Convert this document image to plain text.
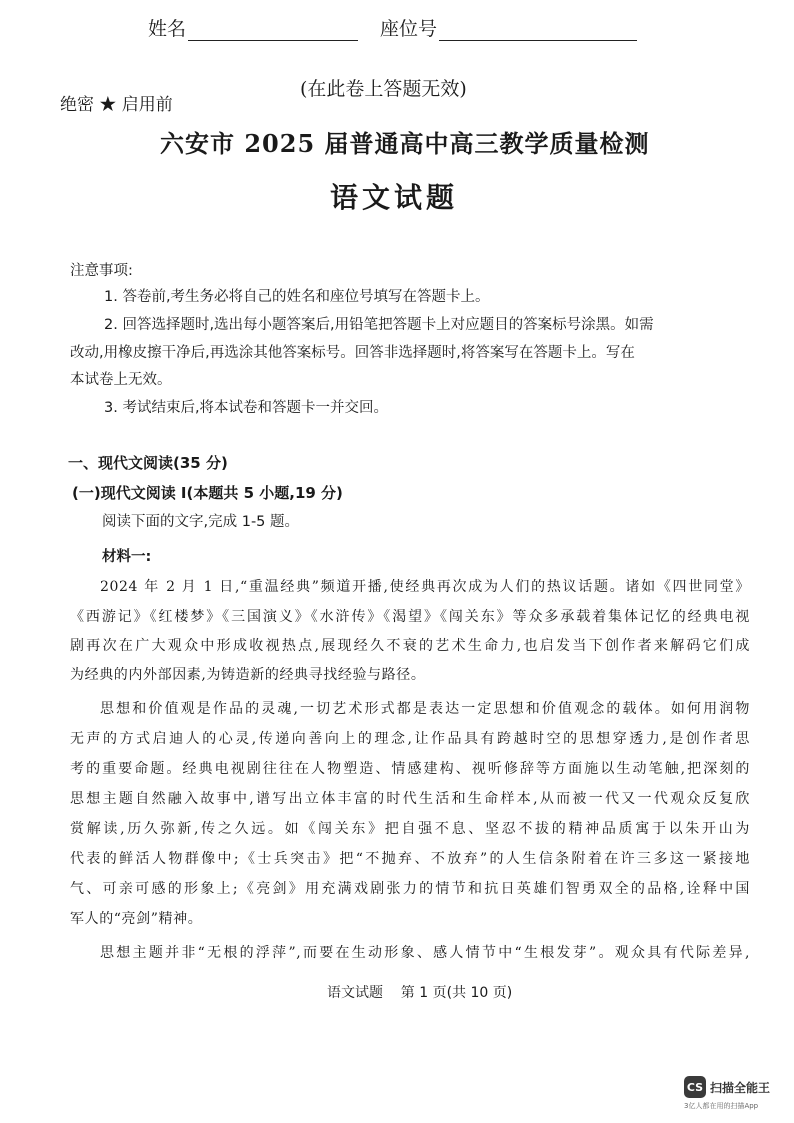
姓名	座位号
(在此卷上答题无效)
绝密 ★ 启用前
六安市 2025 届普通高中高三教学质量检测
语文试题
注意事项:
1. 答卷前,考生务必将自己的姓名和座位号填写在答题卡上。
2. 回答选择题时,选出每小题答案后,用铅笔把答题卡上对应题目的答案标号涂黑。如需
改动,用橡皮擦干净后,再选涂其他答案标号。回答非选择题时,将答案写在答题卡上。写在
本试卷上无效。
3. 考试结束后,将本试卷和答题卡一并交回。
一、现代文阅读(35 分)
(一)现代文阅读 I(本题共 5 小题,19 分)
阅读下面的文字,完成 1-5 题。
材料一:
2024 年 2 月 1 日,“重温经典”频道开播,使经典再次成为人们的热议话题。诸如《四世同堂》
《西游记》《红楼梦》《三国演义》《水浒传》《渴望》《闯关东》等众多承载着集体记忆的经典电视
剧再次在广大观众中形成收视热点,展现经久不衰的艺术生命力,也启发当下创作者来解码它们成
为经典的内外部因素,为铸造新的经典寻找经验与路径。
思想和价值观是作品的灵魂,一切艺术形式都是表达一定思想和价值观念的载体。如何用润物
无声的方式启迪人的心灵,传递向善向上的理念,让作品具有跨越时空的思想穿透力,是创作者思
考的重要命题。经典电视剧往往在人物塑造、情感建构、视听修辞等方面施以生动笔触,把深刻的
思想主题自然融入故事中,谱写出立体丰富的时代生活和生命样本,从而被一代又一代观众反复欣
赏解读,历久弥新,传之久远。如《闯关东》把自强不息、坚忍不拔的精神品质寓于以朱开山为
代表的鲜活人物群像中;《士兵突击》把“不抛弃、不放弃”的人生信条附着在许三多这一紧接地
气、可亲可感的形象上;《亮剑》用充满戏剧张力的情节和抗日英雄们智勇双全的品格,诠释中国
军人的“亮剑”精神。
思想主题并非“无根的浮萍”,而要在生动形象、感人情节中“生根发芽”。观众具有代际差异,
语文试题    第 1 页(共 10 页)
CS 扫描全能王
3亿人都在用的扫描App
